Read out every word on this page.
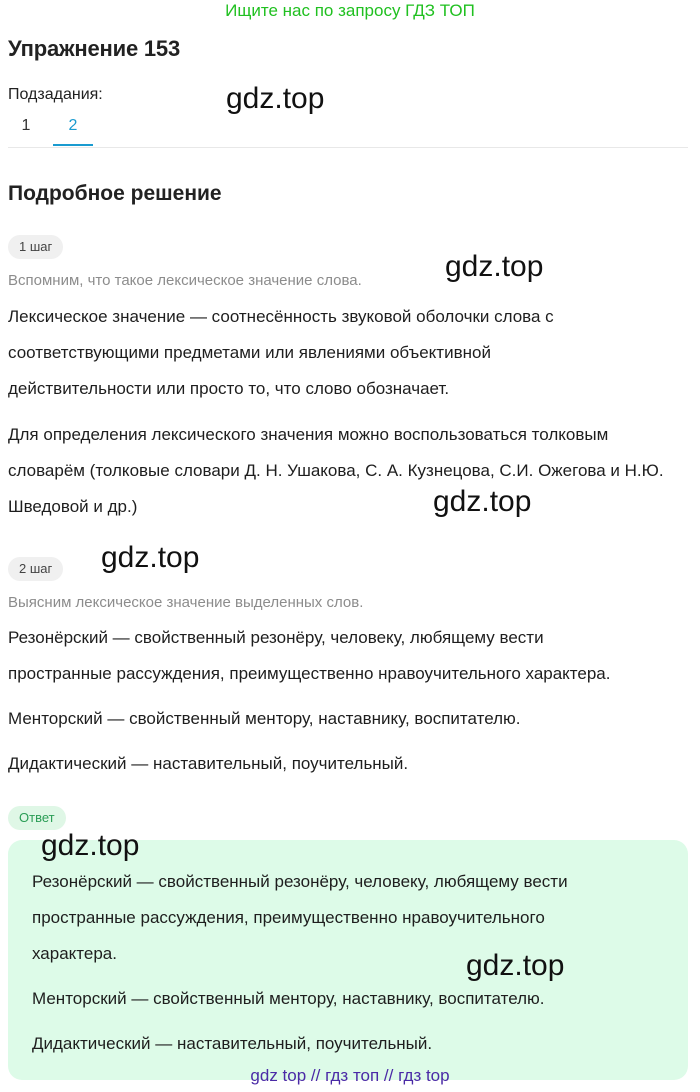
Ищите нас по запросу ГДЗ ТОП
Упражнение 153
Подзадания:	gdz.top
1	2
Подробное решение
1 шаг
Вспомним, что такое лексическое значение слова.	gdz.top
Лексическое значение — соотнесённость звуковой оболочки слова с
соответствующими предметами или явлениями объективной
действительности или просто то, что слово обозначает.
Для определения лексического значения можно воспользоваться толковым
словарём (толковые словари Д. Н. Ушакова, С. А. Кузнецова, С.И. Ожегова и Н.Ю.
Шведовой и др.)	gdz.top
2 шаг	gdz.top
Выясним лексическое значение выделенных слов.
Резонёрский — свойственный резонёру, человеку, любящему вести
пространные рассуждения, преимущественно нравоучительного характера.
Менторский — свойственный ментору, наставнику, воспитателю.
Дидактический — наставительный, поучительный.
Ответ
gdz.top
Резонёрский — свойственный резонёру, человеку, любящему вести
пространные рассуждения, преимущественно нравоучительного
характера.	gdz.top
Менторский — свойственный ментору, наставнику, воспитателю.
Дидактический — наставительный, поучительный.
gdz top // гдз топ // гдз top
